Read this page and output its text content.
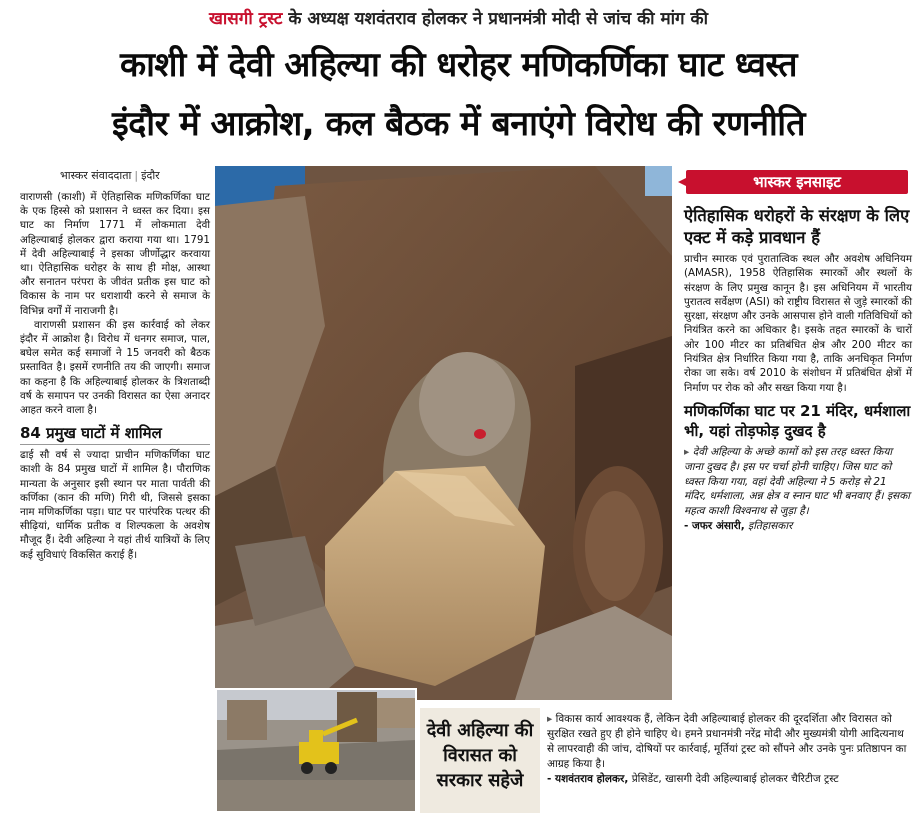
खासगी ट्रस्ट के अध्यक्ष यशवंतराव होलकर ने प्रधानमंत्री मोदी से जांच की मांग की
काशी में देवी अहिल्या की धरोहर मणिकर्णिका घाट ध्वस्त
इंदौर में आक्रोश, कल बैठक में बनाएंगे विरोध की रणनीति
भास्कर संवाददाता | इंदौर

वाराणसी (काशी) में ऐतिहासिक मणिकर्णिका घाट के एक हिस्से को प्रशासन ने ध्वस्त कर दिया। इस घाट का निर्माण 1771 में लोकमाता देवी अहिल्याबाई होलकर द्वारा कराया गया था। 1791 में देवी अहिल्याबाई ने इसका जीर्णोद्धार करवाया था। ऐतिहासिक धरोहर के साथ ही मोक्ष, आस्था और सनातन परंपरा के जीवंत प्रतीक इस घाट को विकास के नाम पर धराशायी करने से समाज के विभिन्न वर्गों में नाराजगी है।

वाराणसी प्रशासन की इस कार्रवाई को लेकर इंदौर में आक्रोश है। विरोध में धनगर समाज, पाल, बघेल समेत कई समाजों ने 15 जनवरी को बैठक प्रस्तावित है। इसमें रणनीति तय की जाएगी। समाज का कहना है कि अहिल्याबाई होलकर के त्रिशताब्दी वर्ष के समापन पर उनकी विरासत का ऐसा अनादर आहत करने वाला है।

84 प्रमुख घाटों में शामिल

ढाई सौ वर्ष से ज्यादा प्राचीन मणिकर्णिका घाट काशी के 84 प्रमुख घाटों में शामिल है। पौराणिक मान्यता के अनुसार इसी स्थान पर माता पार्वती की कर्णिका (कान की मणि) गिरी थी, जिससे इसका नाम मणिकर्णिका पड़ा। घाट पर पारंपरिक पत्थर की सीढ़ियां, धार्मिक प्रतीक व शिल्पकला के अवशेष मौजूद हैं। देवी अहिल्या ने यहां तीर्थ यात्रियों के लिए कई सुविधाएं विकसित कराई हैं।

देवी अहिल्या की विरासत को सरकार सहेजे
▸ विकास कार्य आवश्यक हैं, लेकिन देवी अहिल्याबाई होलकर की दूरदर्शिता और विरासत को सुरक्षित रखते हुए ही होने चाहिए थे। हमने प्रधानमंत्री नरेंद्र मोदी और मुख्यमंत्री योगी आदित्यनाथ से लापरवाही की जांच, दोषियों पर कार्रवाई, मूर्तियां ट्रस्ट को सौंपने और उनके पुनः प्रतिष्ठापन का आग्रह किया है।
- यशवंतराव होलकर, प्रेसिडेंट, खासगी देवी अहिल्याबाई होलकर चैरिटीज ट्रस्ट
भास्कर इनसाइट
ऐतिहासिक धरोहरों के संरक्षण के लिए एक्ट में कड़े प्रावधान हैं
प्राचीन स्मारक एवं पुरातात्विक स्थल और अवशेष अधिनियम (AMASR), 1958 ऐतिहासिक स्मारकों और स्थलों के संरक्षण के लिए प्रमुख कानून है। इस अधिनियम में भारतीय पुरातत्व सर्वेक्षण (ASI) को राष्ट्रीय विरासत से जुड़े स्मारकों की सुरक्षा, संरक्षण और उनके आसपास होने वाली गतिविधियों को नियंत्रित करने का अधिकार है। इसके तहत स्मारकों के चारों ओर 100 मीटर का प्रतिबंधित क्षेत्र और 200 मीटर का नियंत्रित क्षेत्र निर्धारित किया गया है, ताकि अनधिकृत निर्माण रोका जा सके। वर्ष 2010 के संशोधन में प्रतिबंधित क्षेत्रों में निर्माण पर रोक को और सख्त किया गया है।
मणिकर्णिका घाट पर 21 मंदिर, धर्मशाला भी, यहां तोड़फोड़ दुखद है
▸ देवी अहिल्या के अच्छे कामों को इस तरह ध्वस्त किया जाना दुखद है। इस पर चर्चा होनी चाहिए। जिस घाट को ध्वस्त किया गया, वहां देवी अहिल्या ने 5 करोड़ से 21 मंदिर, धर्मशाला, अन्न क्षेत्र व स्नान घाट भी बनवाए हैं। इसका महत्व काशी विश्वनाथ से जुड़ा है।
- जफर अंसारी, इतिहासकार
